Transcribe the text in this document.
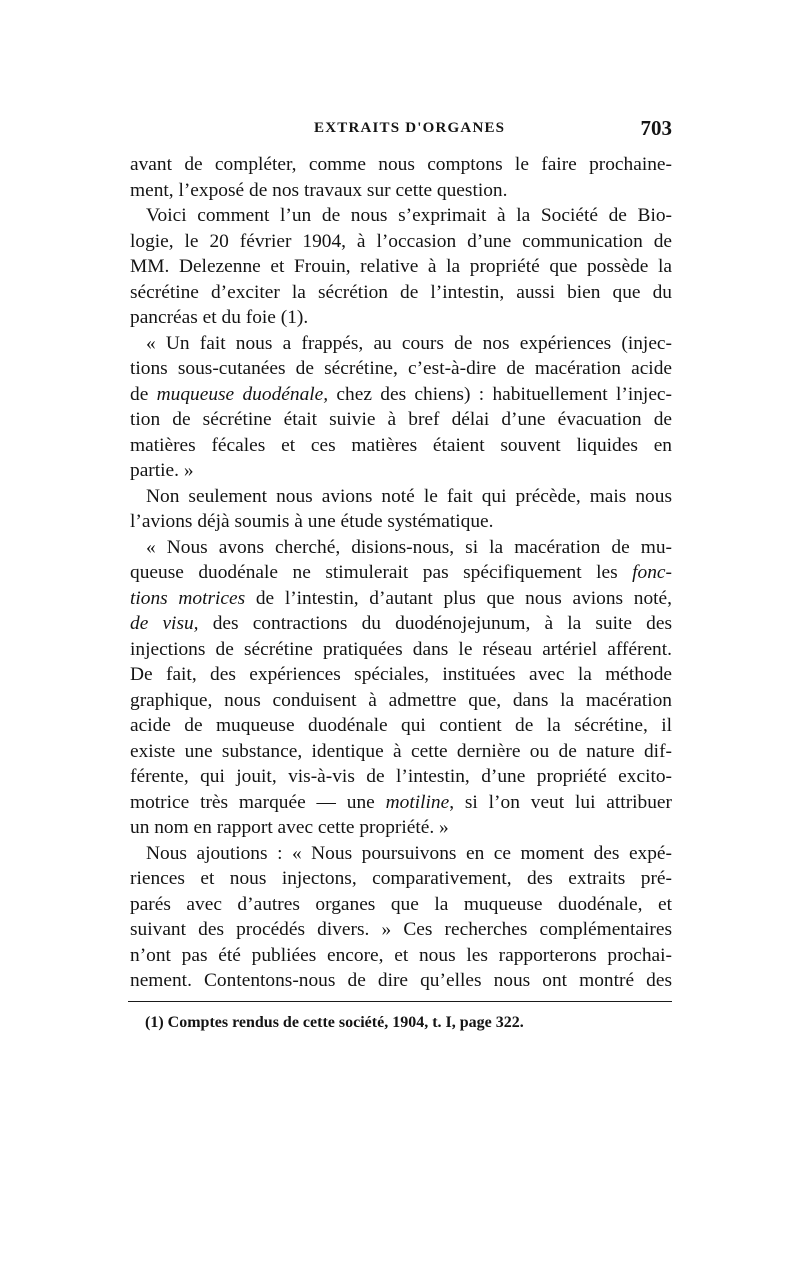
EXTRAITS D'ORGANES	703
avant de compléter, comme nous comptons le faire prochaine-
ment, l’exposé de nos travaux sur cette question.
Voici comment l’un de nous s’exprimait à la Société de Bio-
logie, le 20 février 1904, à l’occasion d’une communication de
MM. Delezenne et Frouin, relative à la propriété que possède la
sécrétine d’exciter la sécrétion de l’intestin, aussi bien que du
pancréas et du foie (1).
« Un fait nous a frappés, au cours de nos expériences (injec-
tions sous-cutanées de sécrétine, c’est-à-dire de macération acide
de muqueuse duodénale, chez des chiens) : habituellement l’injec-
tion de sécrétine était suivie à bref délai d’une évacuation de
matières fécales et ces matières étaient souvent liquides en
partie. »
Non seulement nous avions noté le fait qui précède, mais nous
l’avions déjà soumis à une étude systématique.
« Nous avons cherché, disions-nous, si la macération de mu-
queuse duodénale ne stimulerait pas spécifiquement les fonc-
tions motrices de l’intestin, d’autant plus que nous avions noté,
de visu, des contractions du duodénojejunum, à la suite des
injections de sécrétine pratiquées dans le réseau artériel afférent.
De fait, des expériences spéciales, instituées avec la méthode
graphique, nous conduisent à admettre que, dans la macération
acide de muqueuse duodénale qui contient de la sécrétine, il
existe une substance, identique à cette dernière ou de nature dif-
férente, qui jouit, vis-à-vis de l’intestin, d’une propriété excito-
motrice très marquée — une motiline, si l’on veut lui attribuer
un nom en rapport avec cette propriété. »
Nous ajoutions : « Nous poursuivons en ce moment des expé-
riences et nous injectons, comparativement, des extraits pré-
parés avec d’autres organes que la muqueuse duodénale, et
suivant des procédés divers. » Ces recherches complémentaires
n’ont pas été publiées encore, et nous les rapporterons prochai-
nement. Contentons-nous de dire qu’elles nous ont montré des
(1) Comptes rendus de cette société, 1904, t. I, page 322.
